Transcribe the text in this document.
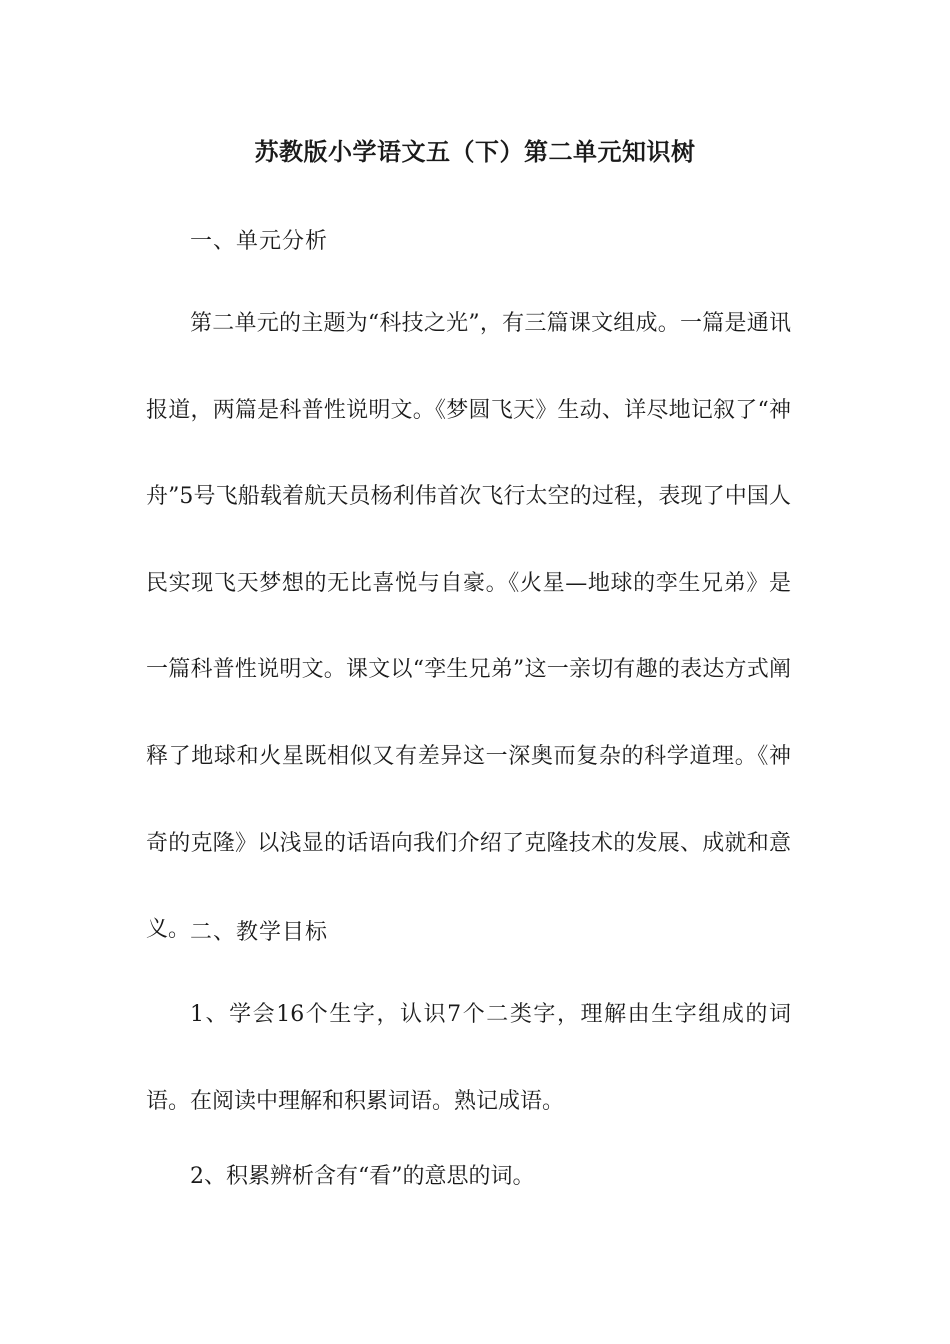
苏教版小学语文五（下）第二单元知识树
一、单元分析

第二单元的主题为“科技之光”，有三篇课文组成。一篇是通讯报道，两篇是科普性说明文。《梦圆飞天》生动、详尽地记叙了“神舟”5号飞船载着航天员杨利伟首次飞行太空的过程，表现了中国人民实现飞天梦想的无比喜悦与自豪。《火星—地球的孪生兄弟》是一篇科普性说明文。课文以“孪生兄弟”这一亲切有趣的表达方式阐释了地球和火星既相似又有差异这一深奥而复杂的科学道理。《神奇的克隆》以浅显的话语向我们介绍了克隆技术的发展、成就和意义。 二、教学目标

1、学会16个生字，认识7个二类字，理解由生字组成的词语。在阅读中理解和积累词语。熟记成语。

2、积累辨析含有“看”的意思的词。
